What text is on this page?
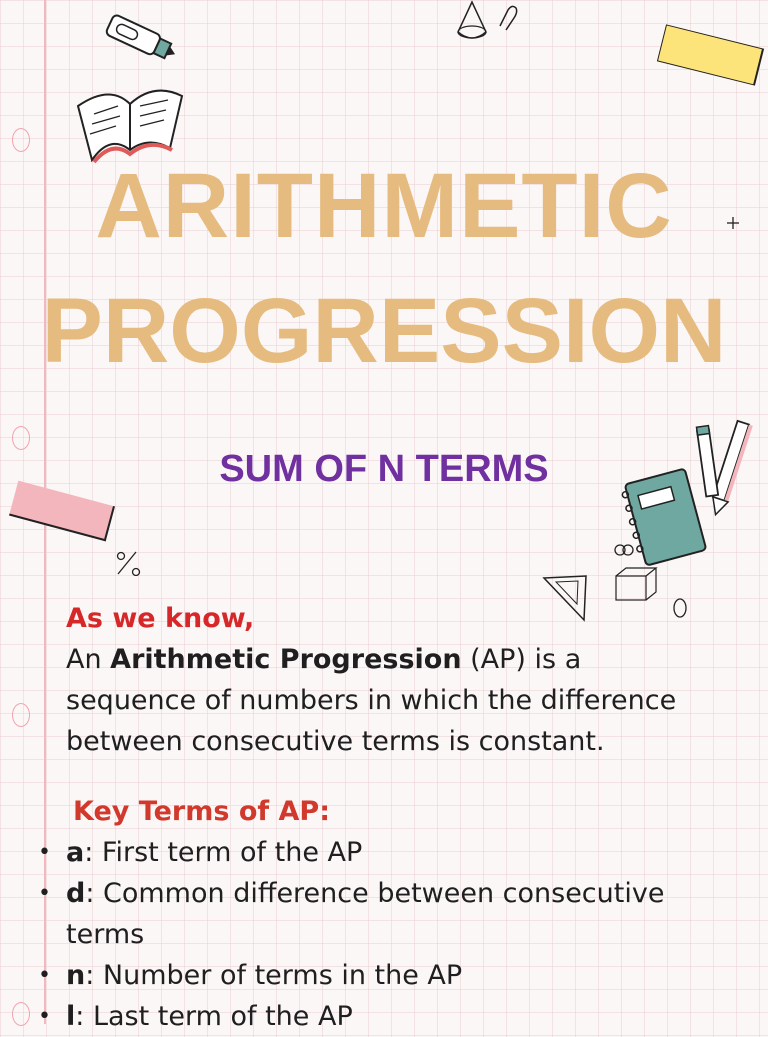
ARITHMETIC
PROGRESSION
SUM OF N TERMS
As we know,
An Arithmetic Progression (AP) is a sequence of numbers in which the difference between consecutive terms is constant.
Key Terms of AP:
• a: First term of the AP
• d: Common difference between consecutive terms
• n: Number of terms in the AP
• l: Last term of the AP
